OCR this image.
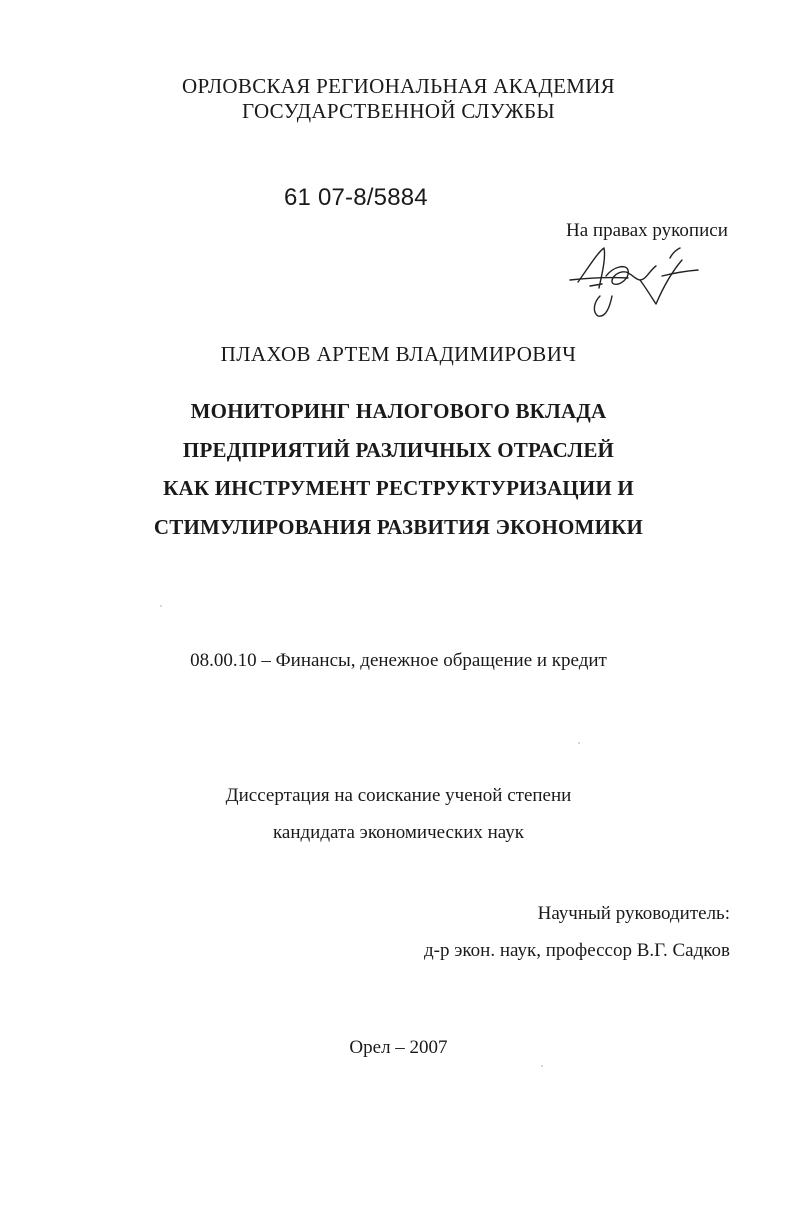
ОРЛОВСКАЯ РЕГИОНАЛЬНАЯ АКАДЕМИЯ
ГОСУДАРСТВЕННОЙ СЛУЖБЫ
61 07-8/5884
На правах рукописи
ПЛАХОВ АРТЕМ ВЛАДИМИРОВИЧ
МОНИТОРИНГ НАЛОГОВОГО ВКЛАДА
ПРЕДПРИЯТИЙ РАЗЛИЧНЫХ ОТРАСЛЕЙ
КАК ИНСТРУМЕНТ РЕСТРУКТУРИЗАЦИИ И
СТИМУЛИРОВАНИЯ РАЗВИТИЯ ЭКОНОМИКИ
08.00.10 – Финансы, денежное обращение и кредит
Диссертация на соискание ученой степени
кандидата экономических наук
Научный руководитель:
д-р экон. наук, профессор В.Г. Садков
Орел – 2007
